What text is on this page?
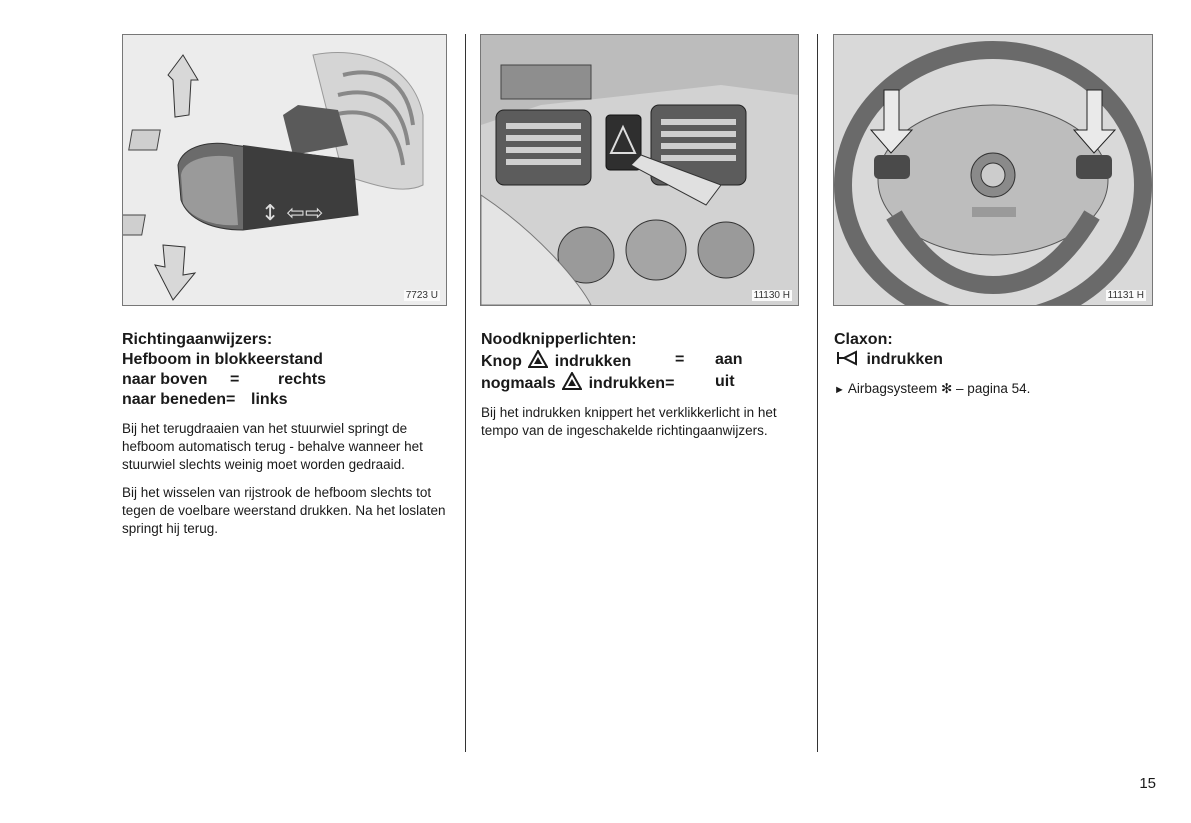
↕ ⇦⇨
7723 U	11130 H	11131 H

Richtingaanwijzers:

Hefboom in blokkeerstand

naar boven	=	rechts
naar beneden = links

Bij het terugdraaien van het stuurwiel springt de hefboom automatisch terug - behalve wanneer het stuurwiel slechts weinig moet worden gedraaid.

Bij het wisselen van rijstrook de hefboom slechts tot tegen de voelbare weerstand drukken. Na het loslaten springt hij terug.

Noodknipperlichten:

Knop indrukken	=	aan
nogmaals indrukken=	uit

Bij het indrukken knippert het verklikkerlicht in het tempo van de ingeschakelde richtingaanwijzers.

Claxon:

indrukken

► Airbagsysteem ✻ – pagina 54.

15
